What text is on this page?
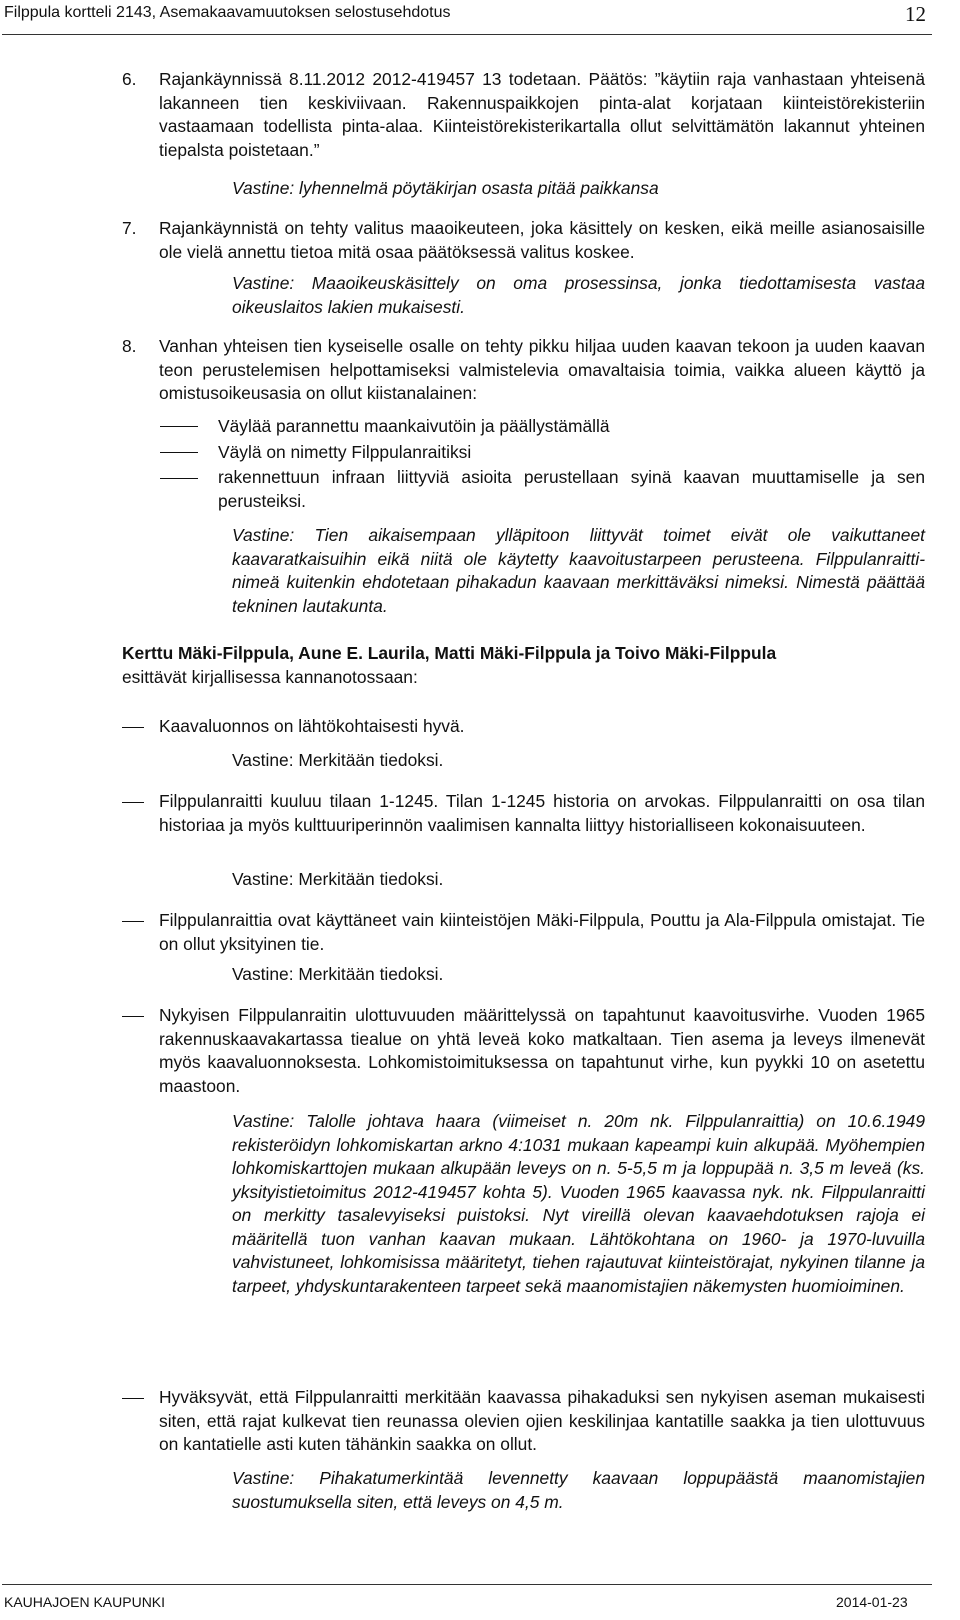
Filppula kortteli 2143, Asemakaavamuutoksen selostusehdotus	12
6. Rajankäynnissä 8.11.2012 2012-419457 13 todetaan. Päätös: ”käytiin raja vanhastaan yhteisenä lakanneen tien keskiviivaan. Rakennuspaikkojen pinta-alat korjataan kiinteistörekisteriin vastaamaan todellista pinta-alaa. Kiinteistörekisterikartalla ollut selvittämätön lakannut yhteinen tiepalsta poistetaan.”

Vastine: lyhennelmä pöytäkirjan osasta pitää paikkansa

7. Rajankäynnistä on tehty valitus maaoikeuteen, joka käsittely on kesken, eikä meille asianosaisille ole vielä annettu tietoa mitä osaa päätöksessä valitus koskee.

Vastine: Maaoikeuskäsittely on oma prosessinsa, jonka tiedottamisesta vastaa oikeuslaitos lakien mukaisesti.

8. Vanhan yhteisen tien kyseiselle osalle on tehty pikku hiljaa uuden kaavan tekoon ja uuden kaavan teon perustelemisen helpottamiseksi valmistelevia omavaltaisia toimia, vaikka alueen käyttö ja omistusoikeusasia on ollut kiistanalainen:

Väylää parannettu maankaivutöin ja päällystämällä

Väylä on nimetty Filppulanraitiksi

rakennettuun infraan liittyviä asioita perustellaan syinä kaavan muuttamiselle ja sen perusteiksi.

Vastine: Tien aikaisempaan ylläpitoon liittyvät toimet eivät ole vaikuttaneet kaavaratkaisuihin eikä niitä ole käytetty kaavoitustarpeen perusteena. Filppulanraitti-nimeä kuitenkin ehdotetaan pihakadun kaavaan merkittäväksi nimeksi. Nimestä päättää tekninen lautakunta.

Kerttu Mäki-Filppula, Aune E. Laurila, Matti Mäki-Filppula ja Toivo Mäki-Filppula

esittävät kirjallisessa kannanotossaan:

Kaavaluonnos on lähtökohtaisesti hyvä.

Vastine: Merkitään tiedoksi.

Filppulanraitti kuuluu tilaan 1-1245. Tilan 1-1245 historia on arvokas. Filppulanraitti on osa tilan historiaa ja myös kulttuuriperinnön vaalimisen kannalta liittyy historialliseen kokonaisuuteen.

Vastine: Merkitään tiedoksi.

Filppulanraittia ovat käyttäneet vain kiinteistöjen Mäki-Filppula, Pouttu ja Ala-Filppula omistajat. Tie on ollut yksityinen tie.

Vastine: Merkitään tiedoksi.

Nykyisen Filppulanraitin ulottuvuuden määrittelyssä on tapahtunut kaavoitusvirhe. Vuoden 1965 rakennuskaavakartassa tiealue on yhtä leveä koko matkaltaan. Tien asema ja leveys ilmenevät myös kaavaluonnoksesta. Lohkomistoimituksessa on tapahtunut virhe, kun pyykki 10 on asetettu maastoon.

Vastine: Talolle johtava haara (viimeiset n. 20m nk. Filppulanraittia) on 10.6.1949 rekisteröidyn lohkomiskartan arkno 4:1031 mukaan kapeampi kuin alkupää. Myöhempien lohkomiskarttojen mukaan alkupään leveys on n. 5-5,5 m ja loppupää n. 3,5 m leveä (ks. yksityistietoimitus 2012-419457 kohta 5). Vuoden 1965 kaavassa nyk. nk. Filppulanraitti on merkitty tasalevyiseksi puistoksi. Nyt vireillä olevan kaavaehdotuksen rajoja ei määritellä tuon vanhan kaavan mukaan. Lähtökohtana on 1960- ja 1970-luvuilla vahvistuneet, lohkomisissa määritetyt, tiehen rajautuvat kiinteistörajat, nykyinen tilanne ja tarpeet, yhdyskuntarakenteen tarpeet sekä maanomistajien näkemysten huomioiminen.

Hyväksyvät, että Filppulanraitti merkitään kaavassa pihakaduksi sen nykyisen aseman mukaisesti siten, että rajat kulkevat tien reunassa olevien ojien keskilinjaa kantatille saakka ja tien ulottuvuus on kantatielle asti kuten tähänkin saakka on ollut.

Vastine: Pihakatumerkintää levennetty kaavaan loppupäästä maanomistajien suostumuksella siten, että leveys on 4,5 m.

KAUHAJOEN KAUPUNKI	2014-01-23
